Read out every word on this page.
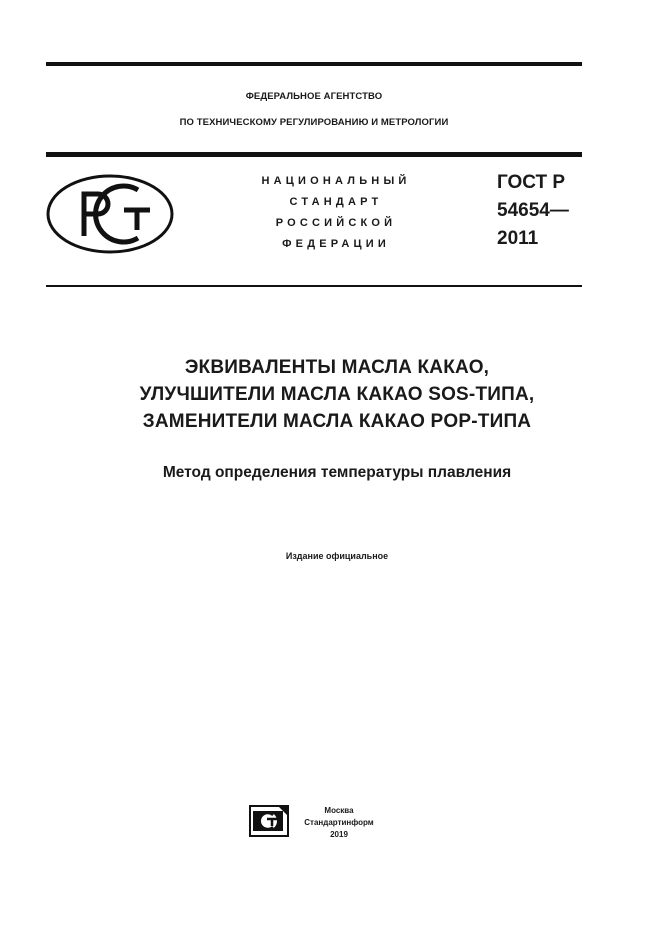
ФЕДЕРАЛЬНОЕ АГЕНТСТВО
ПО ТЕХНИЧЕСКОМУ РЕГУЛИРОВАНИЮ И МЕТРОЛОГИИ
НАЦИОНАЛЬНЫЙ
СТАНДАРТ
РОССИЙСКОЙ
ФЕДЕРАЦИИ
ГОСТ Р
54654—
2011
ЭКВИВАЛЕНТЫ МАСЛА КАКАО,
УЛУЧШИТЕЛИ МАСЛА КАКАО SOS-ТИПА,
ЗАМЕНИТЕЛИ МАСЛА КАКАО POP-ТИПА
Метод определения температуры плавления
Издание официальное
Москва
Стандартинформ
2019
